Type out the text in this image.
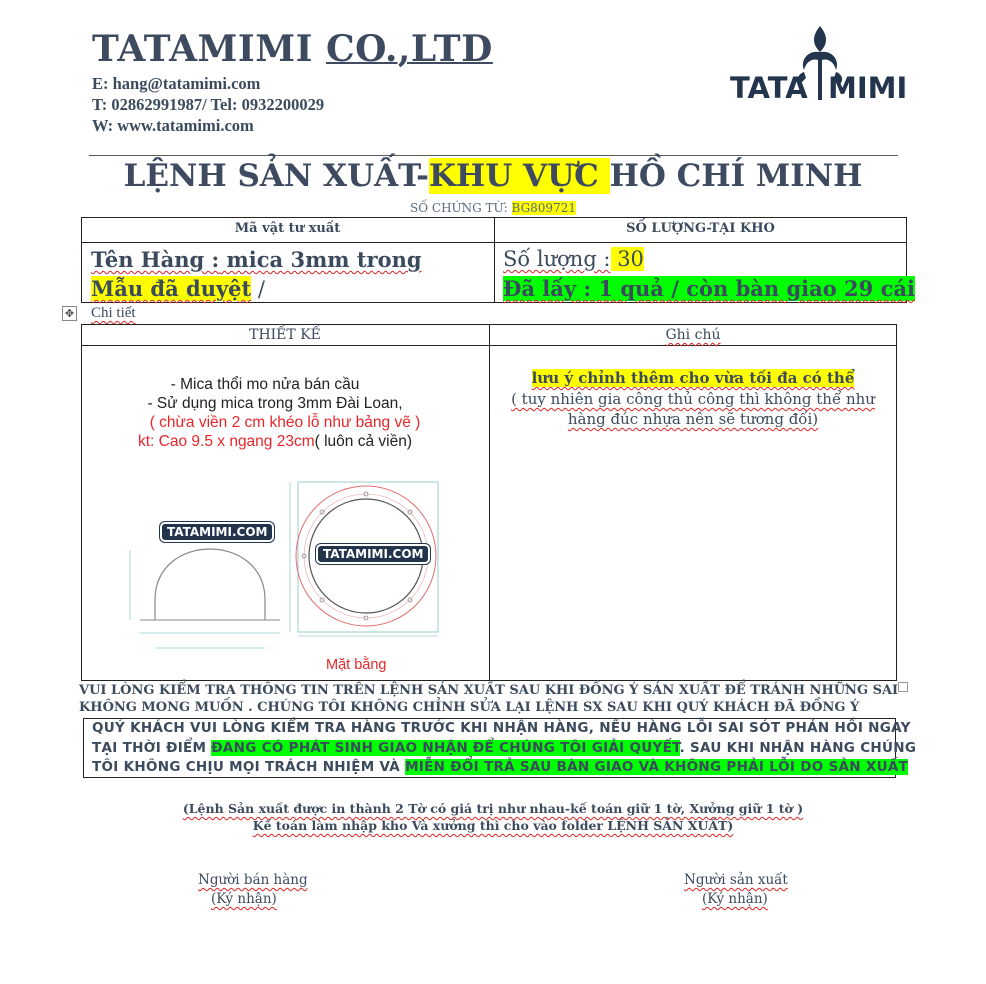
TATAMIMI CO.,LTD
E: hang@tatamimi.com
T: 02862991987/ Tel: 0932200029
W: www.tatamimi.com
TATA MIMI
LỆNH SẢN XUẤT-KHU VỰC HỒ CHÍ MINH
SỐ CHỨNG TỪ: BG809721
Mã vật tư xuất	SỐ LƯỢNG-TẠI KHO
Tên Hàng : mica 3mm trong
Mẫu đã duyệt /
Số lượng : 30
Đã lấy : 1 quả / còn bàn giao 29 cái
✥ Chi tiết
THIẾT KẾ	Ghi chú
- Mica thổi mo nửa bán cầu
- Sử dụng mica trong 3mm Đài Loan,
( chừa viền 2 cm khéo lỗ như bảng vẽ )
kt: Cao 9.5 x ngang 23cm( luôn cả viền)
TATAMIMI.COM
TATAMIMI.COM
Mặt bằng
lưu ý chỉnh thêm cho vừa tối đa có thể
( tuy nhiên gia công thủ công thì không thể như
hàng đúc nhựa nên sẽ tương đối)
VUI LÒNG KIỂM TRA THÔNG TIN TRÊN LỆNH SẢN XUẤT SAU KHI ĐỒNG Ý SẢN XUẤT ĐỂ TRÁNH NHỮNG SAI
KHÔNG MONG MUỐN . CHÚNG TÔI KHÔNG CHỈNH SỬA LẠI LỆNH SX SAU KHI QUÝ KHÁCH ĐÃ ĐỒNG Ý
QUÝ KHÁCH VUI LÒNG KIỂM TRA HÀNG TRƯỚC KHI NHẬN HÀNG, NẾU HÀNG LỖI SAI SÓT PHẢN HỒI NGAY
TẠI THỜI ĐIỂM ĐANG CÓ PHÁT SINH GIAO NHẬN ĐỂ CHÚNG TÔI GIẢI QUYẾT. SAU KHI NHẬN HÀNG CHÚNG
TÔI KHÔNG CHỊU MỌI TRÁCH NHIỆM VÀ MIỄN ĐỔI TRẢ SAU BÀN GIAO VÀ KHÔNG PHẢI LỖI DO SẢN XUẤT
(Lệnh Sản xuất được in thành 2 Tờ có giá trị như nhau-kế toán giữ 1 tờ, Xưởng giữ 1 tờ )
Kế toán làm nhập kho Và xưởng thì cho vào folder LỆNH SẢN XUẤT)
Người bán hàng
(Ký nhận)
Người sản xuất
(Ký nhận)
